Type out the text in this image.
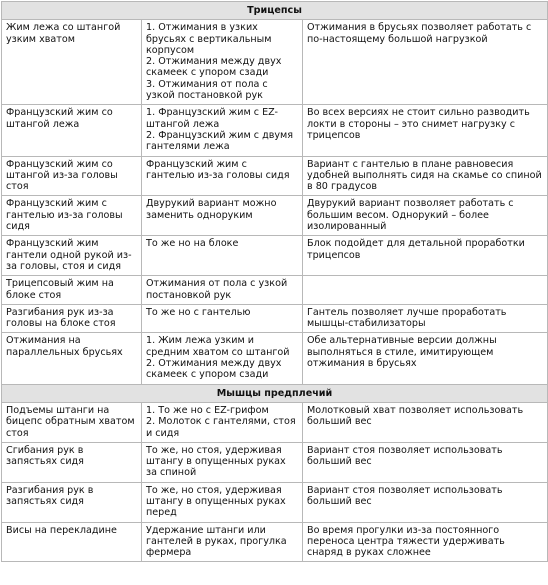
Трицепсы		
Жим лежа со штангой узким хватом	1. Отжимания в узких брусьях с вертикальным корпусом
2. Отжимания между двух скамеек с упором сзади
3. Отжимания от пола с узкой постановкой рук	Отжимания в брусьях позволяет работать с по-настоящему большой нагрузкой
Французский жим со штангой лежа	1. Французский жим с EZ-штангой лежа
2. Французский жим с двумя гантелями лежа	Во всех версиях не стоит сильно разводить локти в стороны – это снимет нагрузку с трицепсов
Французский жим со штангой из-за головы стоя	Французский жим с гантелью из-за головы сидя	Вариант с гантелью в плане равновесия удобней выполнять сидя на скамье со спиной в 80 градусов
Французский жим с гантелью из-за головы сидя	Двурукий вариант можно заменить однoруким	Двурукий вариант позволяет работать с большим весом. Однорукий – более изолированный
Французский жим гантели одной рукой из-за головы, стоя и сидя	То же но на блоке	Блок подойдет для детальной проработки трицепсов
Трицепсовый жим на блоке стоя	Отжимания от пола с узкой постановкой рук	

Разгибания рук из-за головы на блоке стоя	То же но с гантелью	Гантель позволяет лучше проработать мышцы-стабилизаторы
Отжимания на параллельных брусьях	1. Жим лежа узким и средним хватом со штангой
2. Отжимания между двух скамеек с упором сзади	Обе альтернативные версии должны выполняться в стиле, имитирующем отжимания в брусьях
Мышцы предплечий		
Подъемы штанги на бицепс обратным хватом стоя	1. То же но с EZ-грифом
2. Молоток с гантелями, стоя и сидя	Молотковый хват позволяет использовать больший вес
Сгибания рук в запястьях сидя	То же, но стоя, удерживая штангу в опущенных руках за спиной	Вариант стоя позволяет использовать больший вес
Разгибания рук в запястьях сидя	То же, но стоя, удерживая штангу в опущенных руках перед	Вариант стоя позволяет использовать больший вес
Висы на перекладине	Удержание штанги или гантелей в руках, прогулка фермера	Во время прогулки из-за постоянного переноса центра тяжести удерживать снаряд в руках сложнее
